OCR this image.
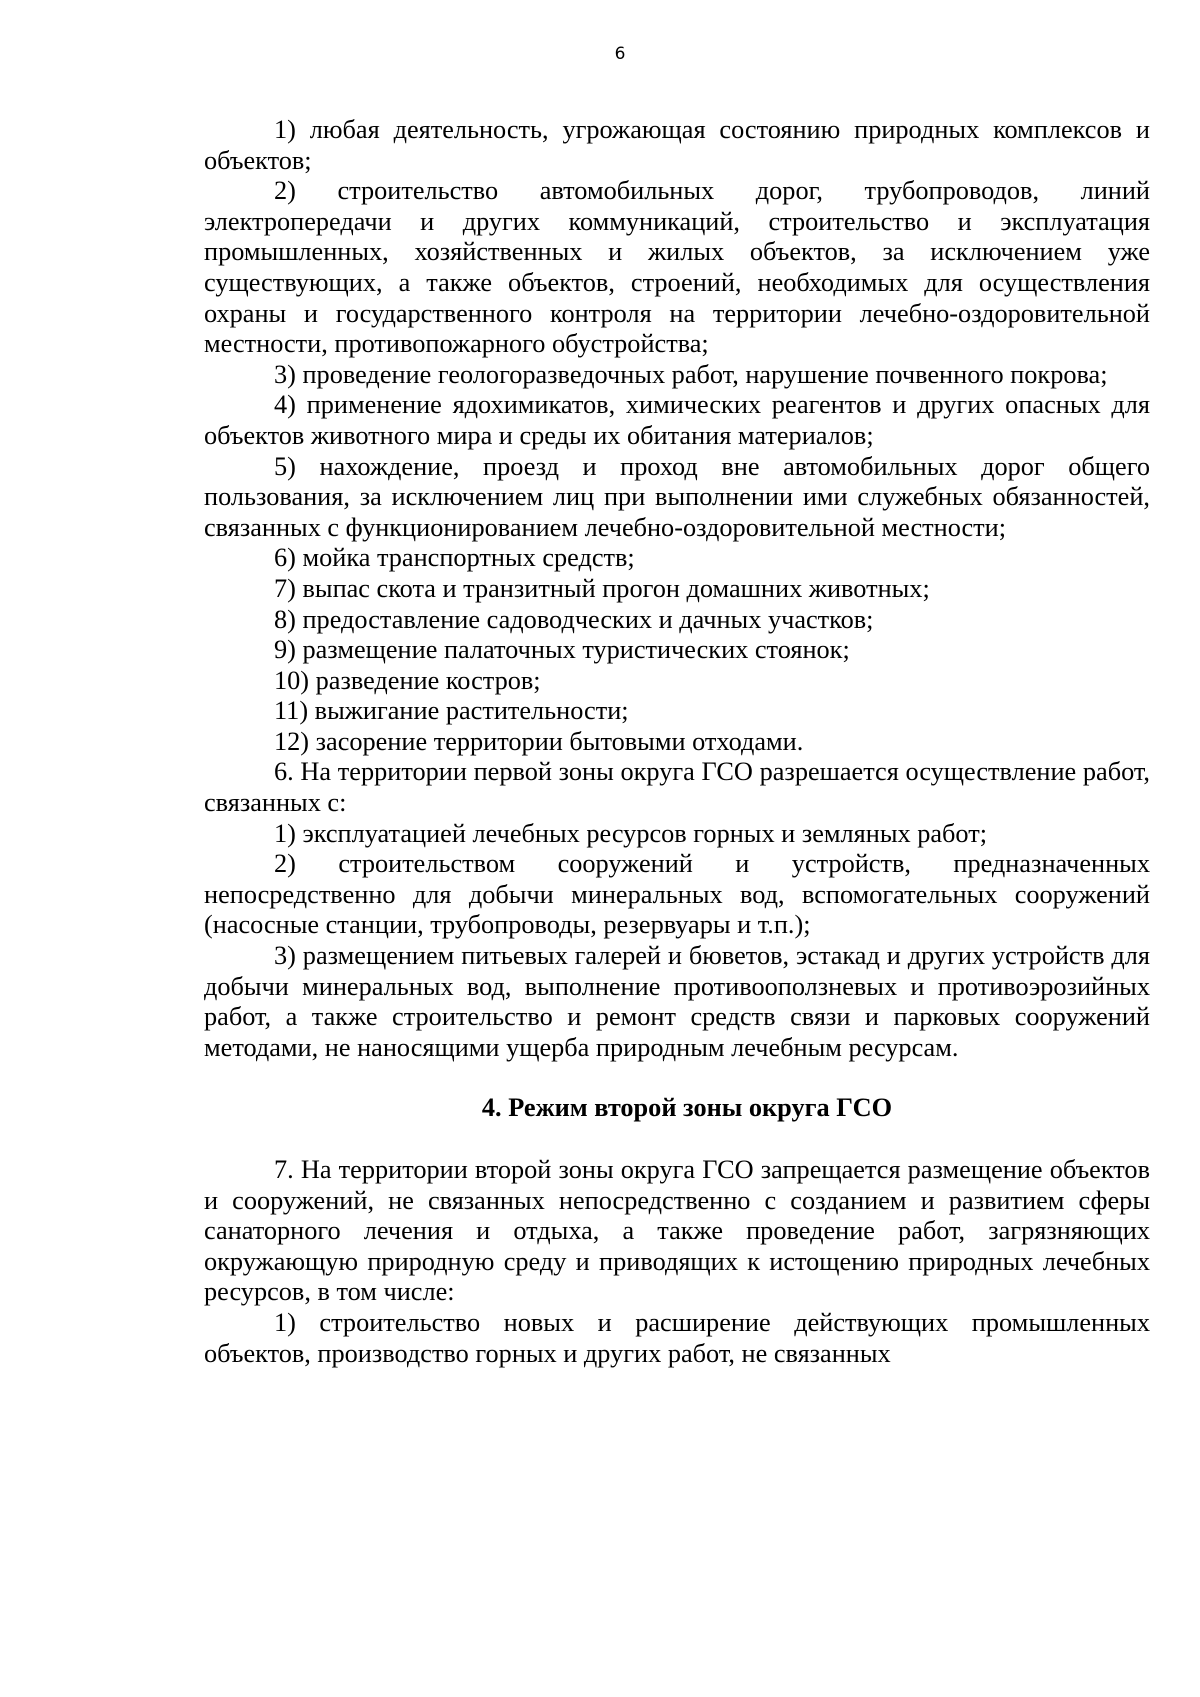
6

1) любая деятельность, угрожающая состоянию природных комплексов и объектов;

2) строительство автомобильных дорог, трубопроводов, линий электропередачи и других коммуникаций, строительство и эксплуатация промышленных, хозяйственных и жилых объектов, за исключением уже существующих, а также объектов, строений, необходимых для осуществления охраны и государственного контроля на территории лечебно-оздоровительной местности, противопожарного обустройства;

3) проведение геологоразведочных работ, нарушение почвенного покрова;

4) применение ядохимикатов, химических реагентов и других опасных для объектов животного мира и среды их обитания материалов;

5) нахождение, проезд и проход вне автомобильных дорог общего пользования, за исключением лиц при выполнении ими служебных обязанностей, связанных с функционированием лечебно-оздоровительной местности;

6) мойка транспортных средств;

7) выпас скота и транзитный прогон домашних животных;

8) предоставление садоводческих и дачных участков;

9) размещение палаточных туристических стоянок;

10) разведение костров;

11) выжигание растительности;

12) засорение территории бытовыми отходами.

6. На территории первой зоны округа ГСО разрешается осуществление работ, связанных с:

1) эксплуатацией лечебных ресурсов горных и земляных работ;

2) строительством сооружений и устройств, предназначенных непосредственно для добычи минеральных вод, вспомогательных сооружений (насосные станции, трубопроводы, резервуары и т.п.);

3) размещением питьевых галерей и бюветов, эстакад и других устройств для добычи минеральных вод, выполнение противооползневых и противоэрозийных работ, а также строительство и ремонт средств связи и парковых сооружений методами, не наносящими ущерба природным лечебным ресурсам.

4. Режим второй зоны округа ГСО

7. На территории второй зоны округа ГСО запрещается размещение объектов и сооружений, не связанных непосредственно с созданием и развитием сферы санаторного лечения и отдыха, а также проведение работ, загрязняющих окружающую природную среду и приводящих к истощению природных лечебных ресурсов, в том числе:

1) строительство новых и расширение действующих промышленных объектов, производство горных и других работ, не связанных
